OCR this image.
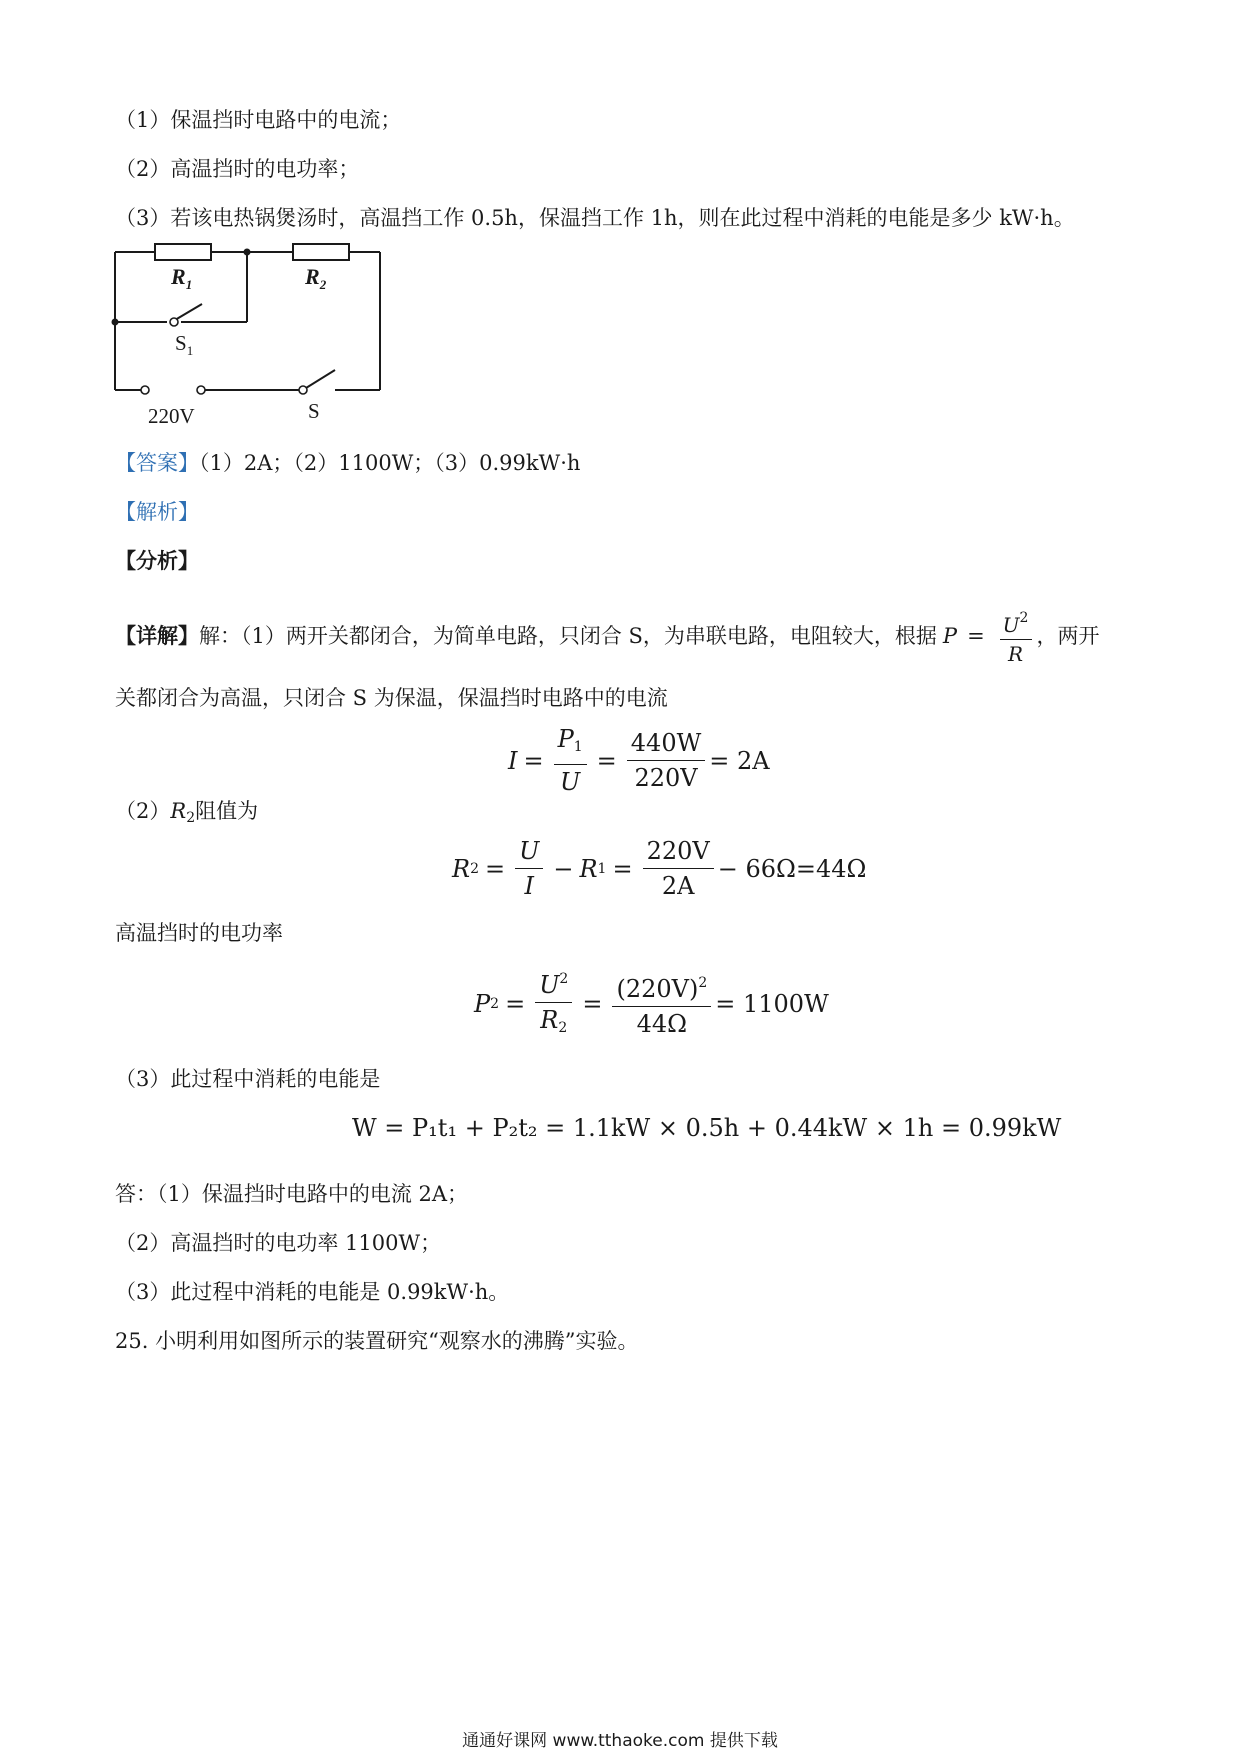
（1）保温挡时电路中的电流；
（2）高温挡时的电功率；
（3）若该电热锅煲汤时，高温挡工作 0.5h，保温挡工作 1h，则在此过程中消耗的电能是多少 kW·h。
$R_1$	$R_2$
$S_1$
S
220V
【答案】（1）2A；（2）1100W；（3）0.99kW·h
【解析】
【分析】
【详解】 解：（1）两开关都闭合，为简单电路，只闭合 S，为串联电路，电阻较大，根据 $P = \frac{U^2}{R}$ ，两开
关都闭合为高温，只闭合 S 为保温，保温挡时电路中的电流
$I = \frac{P_1}{U} = \frac{440W}{220V} = 2A$
$(2)R_2$阻值为
R $2 = \frac{U}{I} - R$ $1 = \frac{220V}{2A} - 66\Omega=44\Omega$
高温挡时的电功率
P $2 = \frac{U^2}{R_2} = \frac{(220V)^2}{44\Omega} = 1100W$
（3）此过程中消耗的电能是
W = P₁t₁ + P₂t₂ = 1.1kW × 0.5h + 0.44kW × 1h = 0.99kW
答：（1）保温挡时电路中的电流 2A；
（2）高温挡时的电功率 1100W；
（3）此过程中消耗的电能是 0.99kW·h。
25. 小明利用如图所示的装置研究“观察水的沸腾”实验。
通通好课网 www.tthaoke.com 提供下载
